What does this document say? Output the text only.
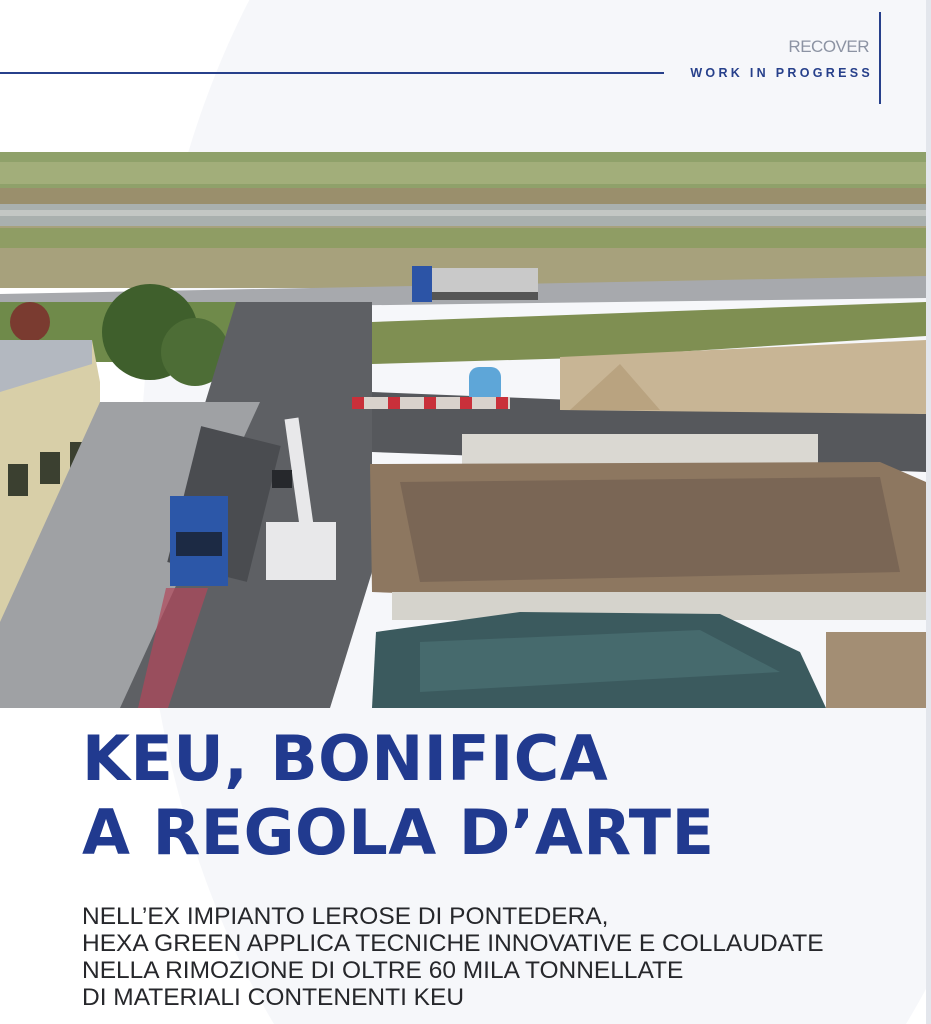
RECOVER
WORK IN PROGRESS
KEU, BONIFICA
A REGOLA D’ARTE

NELL’EX IMPIANTO LEROSE DI PONTEDERA,
HEXA GREEN APPLICA TECNICHE INNOVATIVE E COLLAUDATE
NELLA RIMOZIONE DI OLTRE 60 MILA TONNELLATE
DI MATERIALI CONTENENTI KEU
